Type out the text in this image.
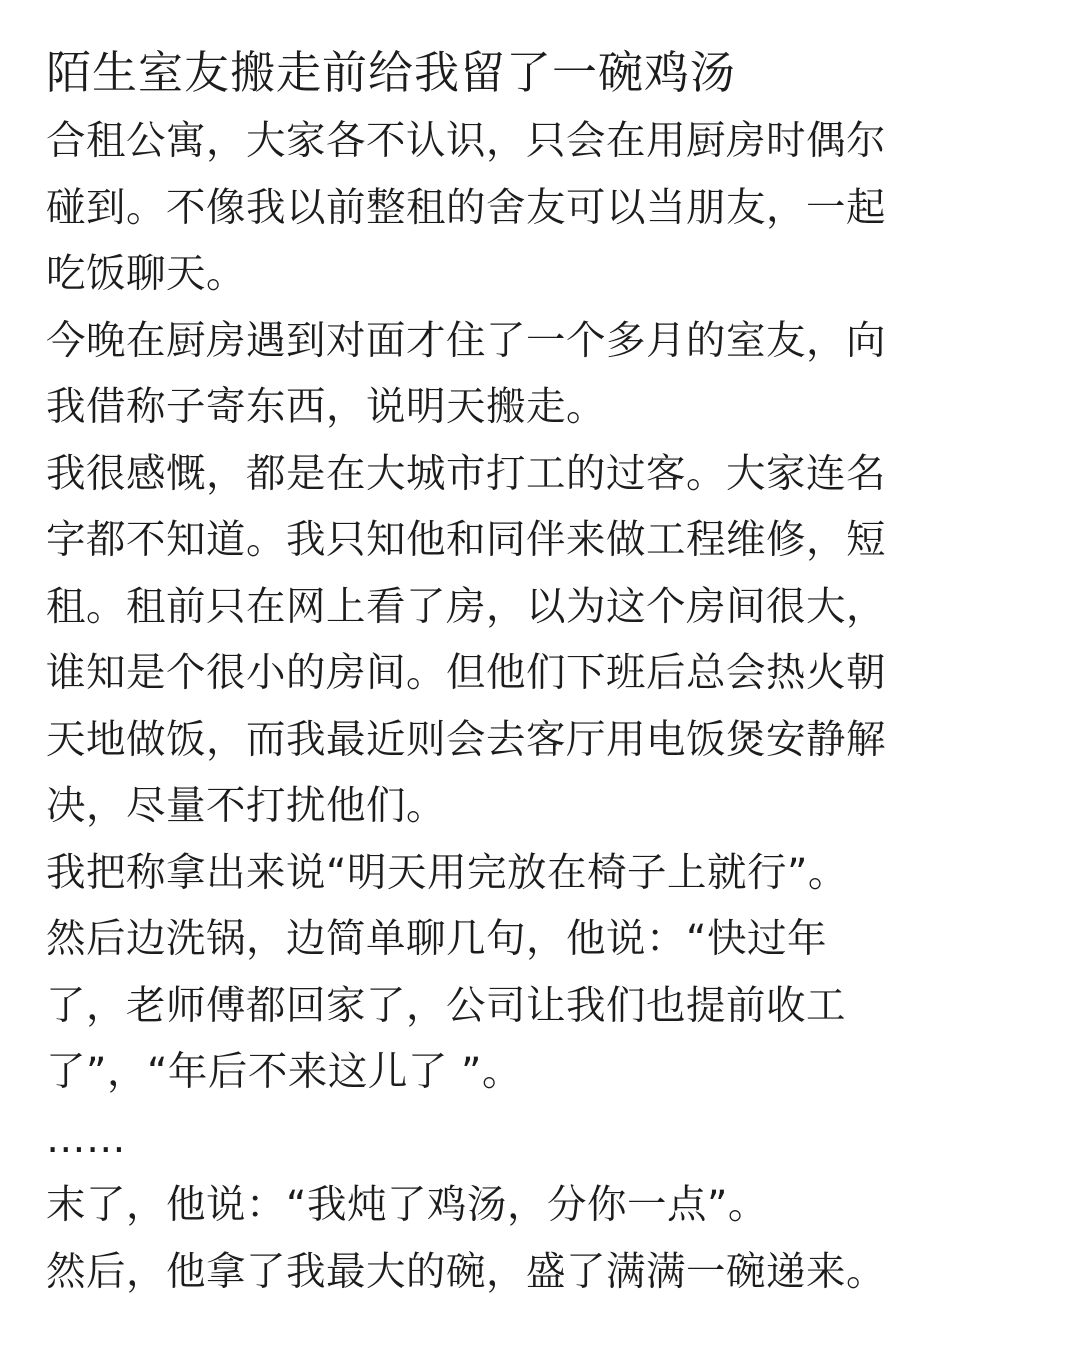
陌生室友搬走前给我留了一碗鸡汤
合租公寓，大家各不认识，只会在用厨房时偶尔
碰到。不像我以前整租的舍友可以当朋友，一起
吃饭聊天。
今晚在厨房遇到对面才住了一个多月的室友，向
我借称子寄东西，说明天搬走。
我很感慨，都是在大城市打工的过客。大家连名
字都不知道。我只知他和同伴来做工程维修，短
租。租前只在网上看了房，以为这个房间很大，
谁知是个很小的房间。但他们下班后总会热火朝
天地做饭，而我最近则会去客厅用电饭煲安静解
决，尽量不打扰他们。
我把称拿出来说“明天用完放在椅子上就行”。
然后边洗锅，边简单聊几句，他说：“快过年
了，老师傅都回家了，公司让我们也提前收工
了”，“年后不来这儿了 ”。
……
末了，他说：“我炖了鸡汤，分你一点”。
然后，他拿了我最大的碗，盛了满满一碗递来。
